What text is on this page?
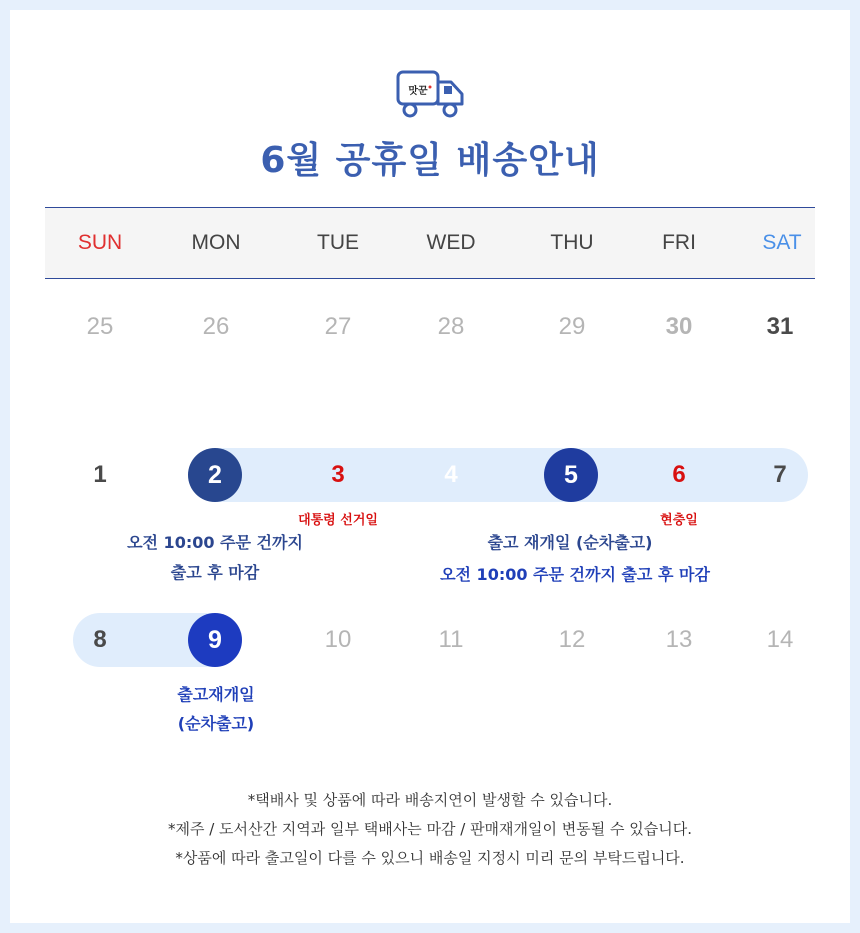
맛꾼
6월 공휴일 배송안내
SUN	MON	TUE	WED	THU	FRI	SAT
25	26	27	28	29	30	31
1	2	3	4	5	6	7
대통령 선거일	현충일
오전 10:00 주문 건까지
출고 후 마감
출고 재개일 (순차출고)
오전 10:00 주문 건까지 출고 후 마감
8	9	10	11	12	13	14
출고재개일
(순차출고)
*택배사 및 상품에 따라 배송지연이 발생할 수 있습니다.
*제주 / 도서산간 지역과 일부 택배사는 마감 / 판매재개일이 변동될 수 있습니다.
*상품에 따라 출고일이 다를 수 있으니 배송일 지정시 미리 문의 부탁드립니다.
